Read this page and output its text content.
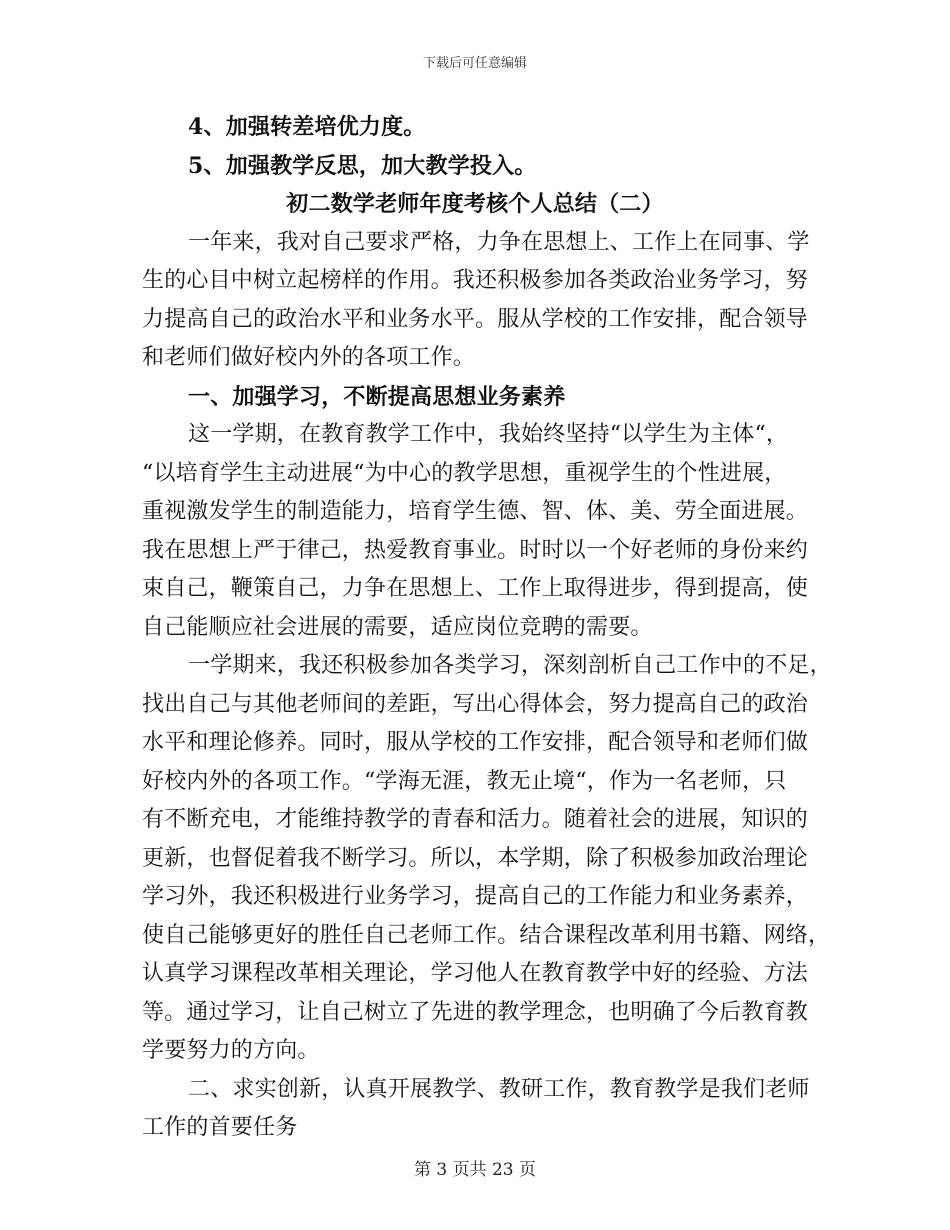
下载后可任意编辑
4、加强转差培优力度。
5、加强教学反思，加大教学投入。
初二数学老师年度考核个人总结（二）
一年来，我对自己要求严格，力争在思想上、工作上在同事、学
生的心目中树立起榜样的作用。我还积极参加各类政治业务学习，努
力提高自己的政治水平和业务水平。服从学校的工作安排，配合领导
和老师们做好校内外的各项工作。
一、加强学习，不断提高思想业务素养
这一学期，在教育教学工作中，我始终坚持“以学生为主体“，
“以培育学生主动进展“为中心的教学思想，重视学生的个性进展，
重视激发学生的制造能力，培育学生德、智、体、美、劳全面进展。
我在思想上严于律己，热爱教育事业。时时以一个好老师的身份来约
束自己，鞭策自己，力争在思想上、工作上取得进步，得到提高，使
自己能顺应社会进展的需要，适应岗位竞聘的需要。
一学期来，我还积极参加各类学习，深刻剖析自己工作中的不足，
找出自己与其他老师间的差距，写出心得体会，努力提高自己的政治
水平和理论修养。同时，服从学校的工作安排，配合领导和老师们做
好校内外的各项工作。“学海无涯，教无止境“，作为一名老师，只
有不断充电，才能维持教学的青春和活力。随着社会的进展，知识的
更新，也督促着我不断学习。所以，本学期，除了积极参加政治理论
学习外，我还积极进行业务学习，提高自己的工作能力和业务素养，
使自己能够更好的胜任自己老师工作。结合课程改革利用书籍、网络，
认真学习课程改革相关理论，学习他人在教育教学中好的经验、方法
等。通过学习，让自己树立了先进的教学理念，也明确了今后教育教
学要努力的方向。
二、求实创新，认真开展教学、教研工作，教育教学是我们老师
工作的首要任务
第 3 页共 23 页
